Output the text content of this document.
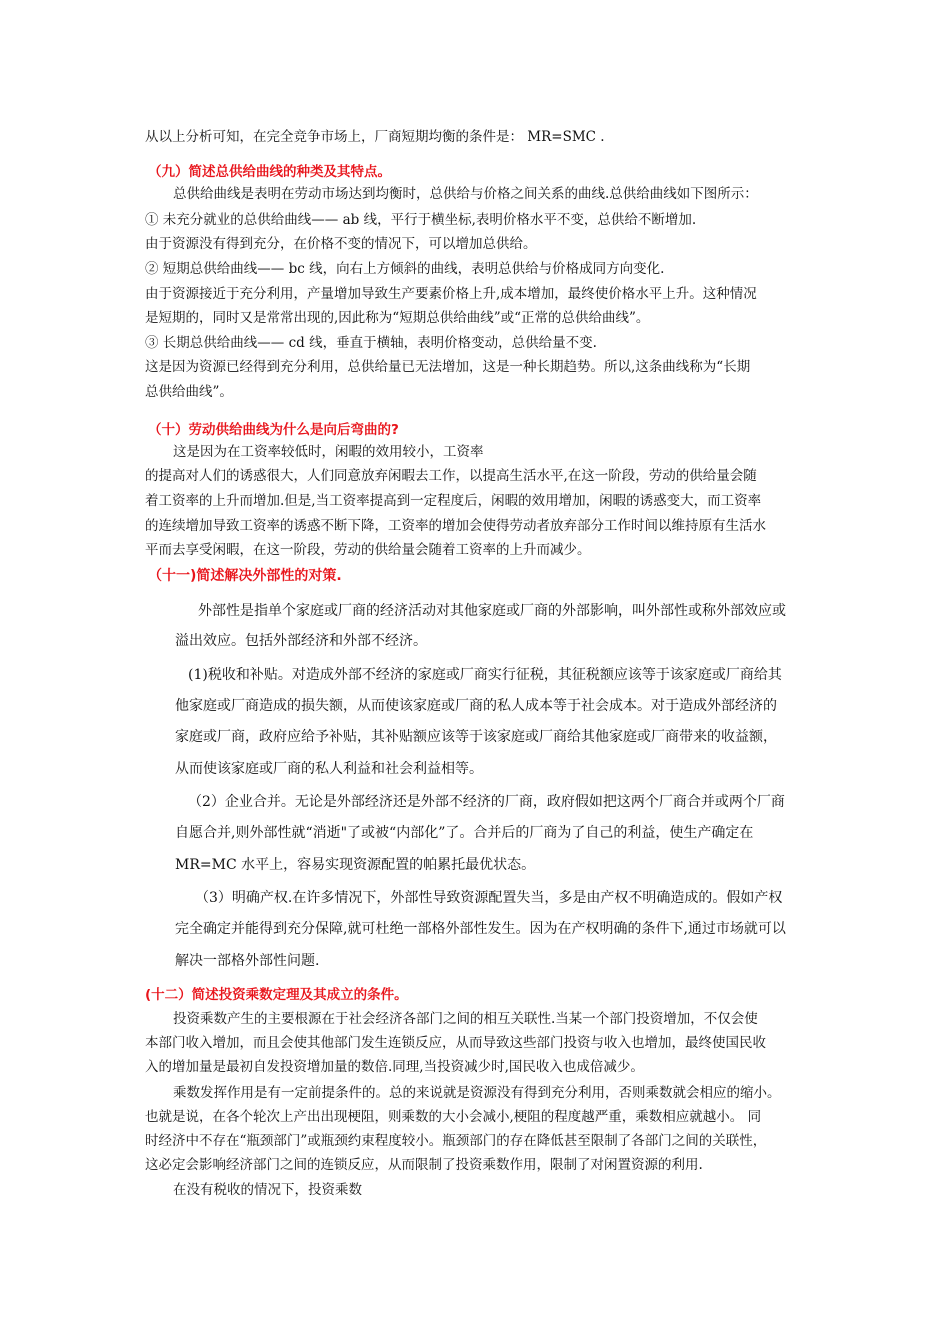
从以上分析可知，在完全竞争市场上，厂商短期均衡的条件是： MR=SMC .
（九）简述总供给曲线的种类及其特点。
总供给曲线是表明在劳动市场达到均衡时，总供给与价格之间关系的曲线.总供给曲线如下图所示：
① 未充分就业的总供给曲线—— ab 线，平行于横坐标,表明价格水平不变，总供给不断增加.
由于资源没有得到充分，在价格不变的情况下，可以增加总供给。
② 短期总供给曲线—— bc 线，向右上方倾斜的曲线，表明总供给与价格成同方向变化.
由于资源接近于充分利用，产量增加导致生产要素价格上升,成本增加，最终使价格水平上升。这种情况
是短期的，同时又是常常出现的,因此称为“短期总供给曲线”或“正常的总供给曲线”。
③ 长期总供给曲线—— cd 线，垂直于横轴，表明价格变动，总供给量不变.
这是因为资源已经得到充分利用，总供给量已无法增加，这是一种长期趋势。所以,这条曲线称为“长期
总供给曲线”。
（十）劳动供给曲线为什么是向后弯曲的?
这是因为在工资率较低时，闲暇的效用较小，工资率
的提高对人们的诱惑很大，人们同意放弃闲暇去工作，以提高生活水平,在这一阶段，劳动的供给量会随
着工资率的上升而增加.但是,当工资率提高到一定程度后，闲暇的效用增加，闲暇的诱惑变大，而工资率
的连续增加导致工资率的诱惑不断下降，工资率的增加会使得劳动者放弃部分工作时间以维持原有生活水
平而去享受闲暇，在这一阶段，劳动的供给量会随着工资率的上升而减少。
（十一)简述解决外部性的对策.
外部性是指单个家庭或厂商的经济活动对其他家庭或厂商的外部影响，叫外部性或称外部效应或
溢出效应。包括外部经济和外部不经济。
(1)税收和补贴。对造成外部不经济的家庭或厂商实行征税，其征税额应该等于该家庭或厂商给其
他家庭或厂商造成的损失额，从而使该家庭或厂商的私人成本等于社会成本。对于造成外部经济的
家庭或厂商，政府应给予补贴，其补贴额应该等于该家庭或厂商给其他家庭或厂商带来的收益额，
从而使该家庭或厂商的私人利益和社会利益相等。
（2）企业合并。无论是外部经济还是外部不经济的厂商，政府假如把这两个厂商合并或两个厂商
自愿合并,则外部性就“消逝"了或被“内部化”了。合并后的厂商为了自己的利益，使生产确定在
MR=MC 水平上，容易实现资源配置的帕累托最优状态。
（3）明确产权.在许多情况下，外部性导致资源配置失当，多是由产权不明确造成的。假如产权
完全确定并能得到充分保障,就可杜绝一部格外部性发生。因为在产权明确的条件下,通过市场就可以
解决一部格外部性问题.
(十二）简述投资乘数定理及其成立的条件。
投资乘数产生的主要根源在于社会经济各部门之间的相互关联性.当某一个部门投资增加，不仅会使
本部门收入增加，而且会使其他部门发生连锁反应，从而导致这些部门投资与收入也增加，最终使国民收
入的增加量是最初自发投资增加量的数倍.同理,当投资减少时,国民收入也成倍减少。
乘数发挥作用是有一定前提条件的。总的来说就是资源没有得到充分利用，否则乘数就会相应的缩小。
也就是说，在各个轮次上产出出现梗阻，则乘数的大小会减小,梗阻的程度越严重，乘数相应就越小。 同
时经济中不存在“瓶颈部门”或瓶颈约束程度较小。瓶颈部门的存在降低甚至限制了各部门之间的关联性，
这必定会影响经济部门之间的连锁反应，从而限制了投资乘数作用，限制了对闲置资源的利用.
在没有税收的情况下，投资乘数
